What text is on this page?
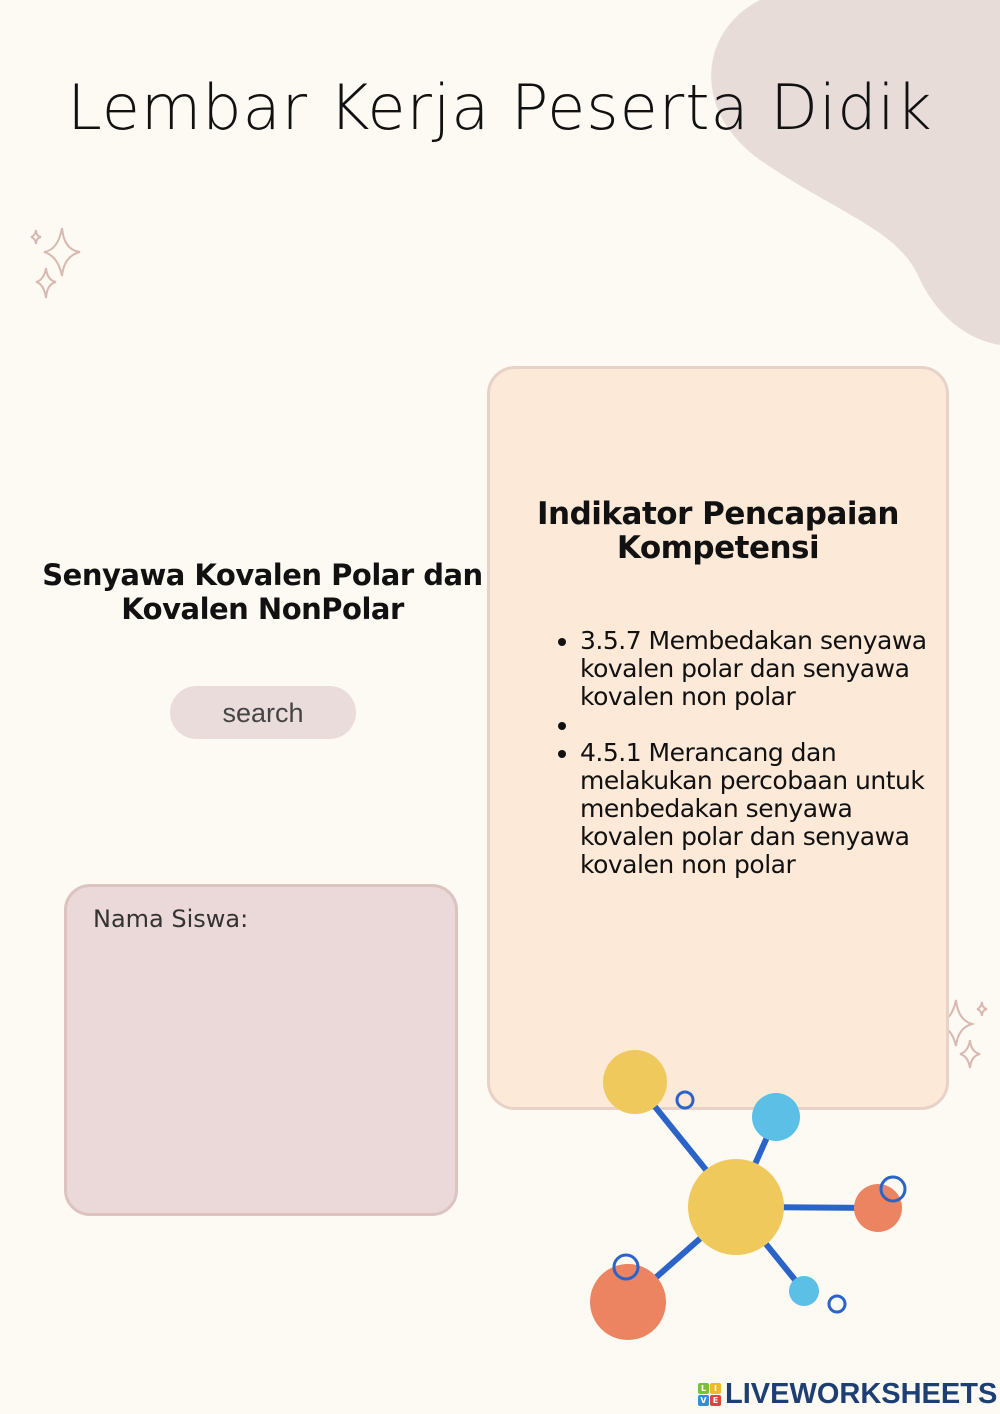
Lembar Kerja Peserta Didik
Senyawa Kovalen Polar dan Kovalen NonPolar
search
Nama Siswa:
Indikator Pencapaian Kompetensi
• 3.5.7 Membedakan senyawa kovalen polar dan senyawa kovalen non polar
•
• 4.5.1 Merancang dan melakukan percobaan untuk menbedakan senyawa kovalen polar dan senyawa kovalen non polar
L I
V E LIVEWORKSHEETS
